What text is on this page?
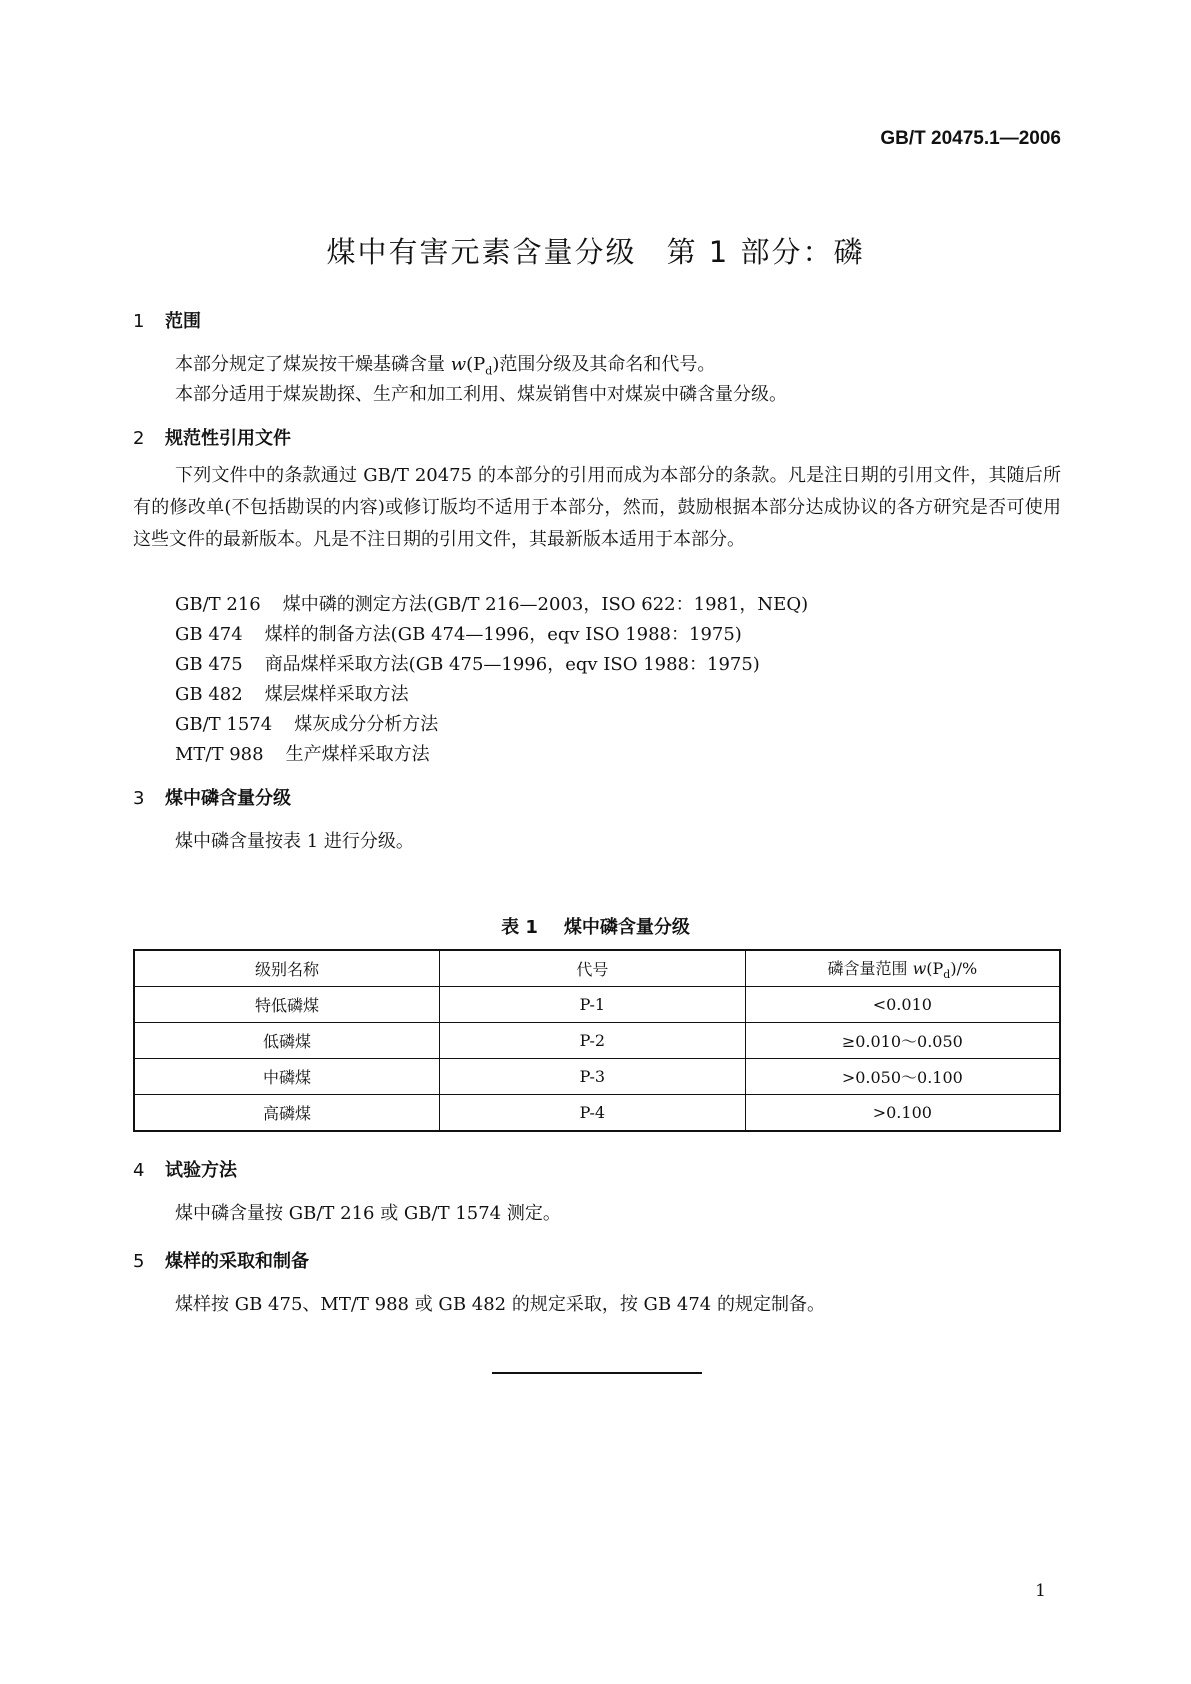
GB/T 20475.1—2006
煤中有害元素含量分级 第 1 部分：磷
1 范围
本部分规定了煤炭按干燥基磷含量 $w(P_d)$范围分级及其命名和代号。
本部分适用于煤炭勘探、生产和加工利用、煤炭销售中对煤炭中磷含量分级。
2 规范性引用文件
下列文件中的条款通过 GB/T 20475 的本部分的引用而成为本部分的条款。凡是注日期的引用文件，其随后所有的修改单(不包括勘误的内容)或修订版均不适用于本部分，然而，鼓励根据本部分达成协议的各方研究是否可使用这些文件的最新版本。凡是不注日期的引用文件，其最新版本适用于本部分。
GB/T 216 煤中磷的测定方法(GB/T 216—2003，ISO 622：1981，NEQ)
GB 474 煤样的制备方法(GB 474—1996，eqv ISO 1988：1975)
GB 475 商品煤样采取方法(GB 475—1996，eqv ISO 1988：1975)
GB 482 煤层煤样采取方法
GB/T 1574 煤灰成分分析方法
MT/T 988 生产煤样采取方法
3 煤中磷含量分级
煤中磷含量按表 1 进行分级。
表 1 煤中磷含量分级
级别名称	代号	磷含量范围 $w(P_d)/\%$
特低磷煤	P-1	<0.010
低磷煤	P-2	≥0.010～0.050
中磷煤	P-3	>0.050～0.100
高磷煤	P-4	>0.100
4 试验方法
煤中磷含量按 GB/T 216 或 GB/T 1574 测定。
5 煤样的采取和制备
煤样按 GB 475、MT/T 988 或 GB 482 的规定采取，按 GB 474 的规定制备。
1
